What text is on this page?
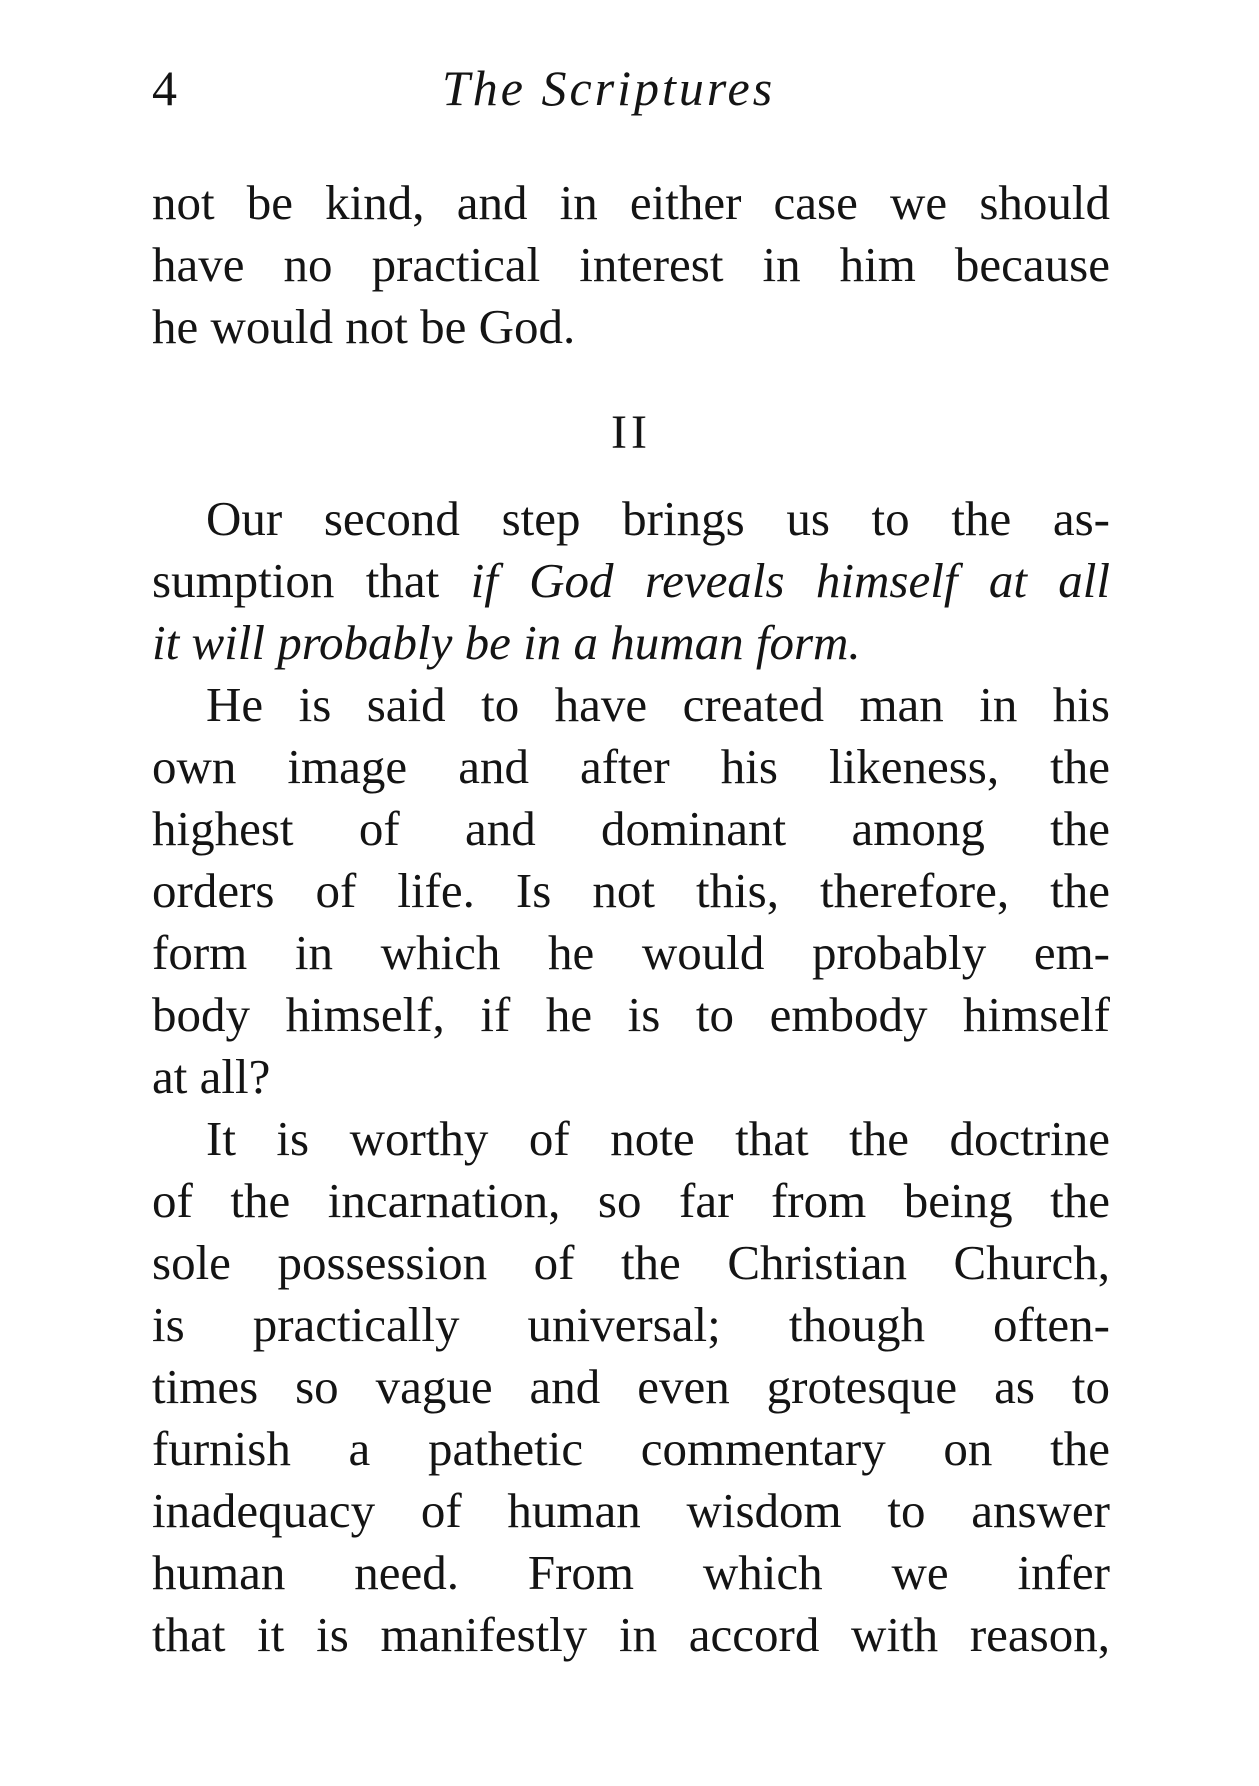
4	The Scriptures
not be kind, and in either case we should
have no practical interest in him because
he would not be God.
II
Our second step brings us to the as-
sumption that if God reveals himself at all
it will probably be in a human form.
He is said to have created man in his
own image and after his likeness, the
highest of and dominant among the
orders of life. Is not this, therefore, the
form in which he would probably em-
body himself, if he is to embody himself
at all?
It is worthy of note that the doctrine
of the incarnation, so far from being the
sole possession of the Christian Church,
is practically universal; though often-
times so vague and even grotesque as to
furnish a pathetic commentary on the
inadequacy of human wisdom to answer
human need. From which we infer
that it is manifestly in accord with reason,
